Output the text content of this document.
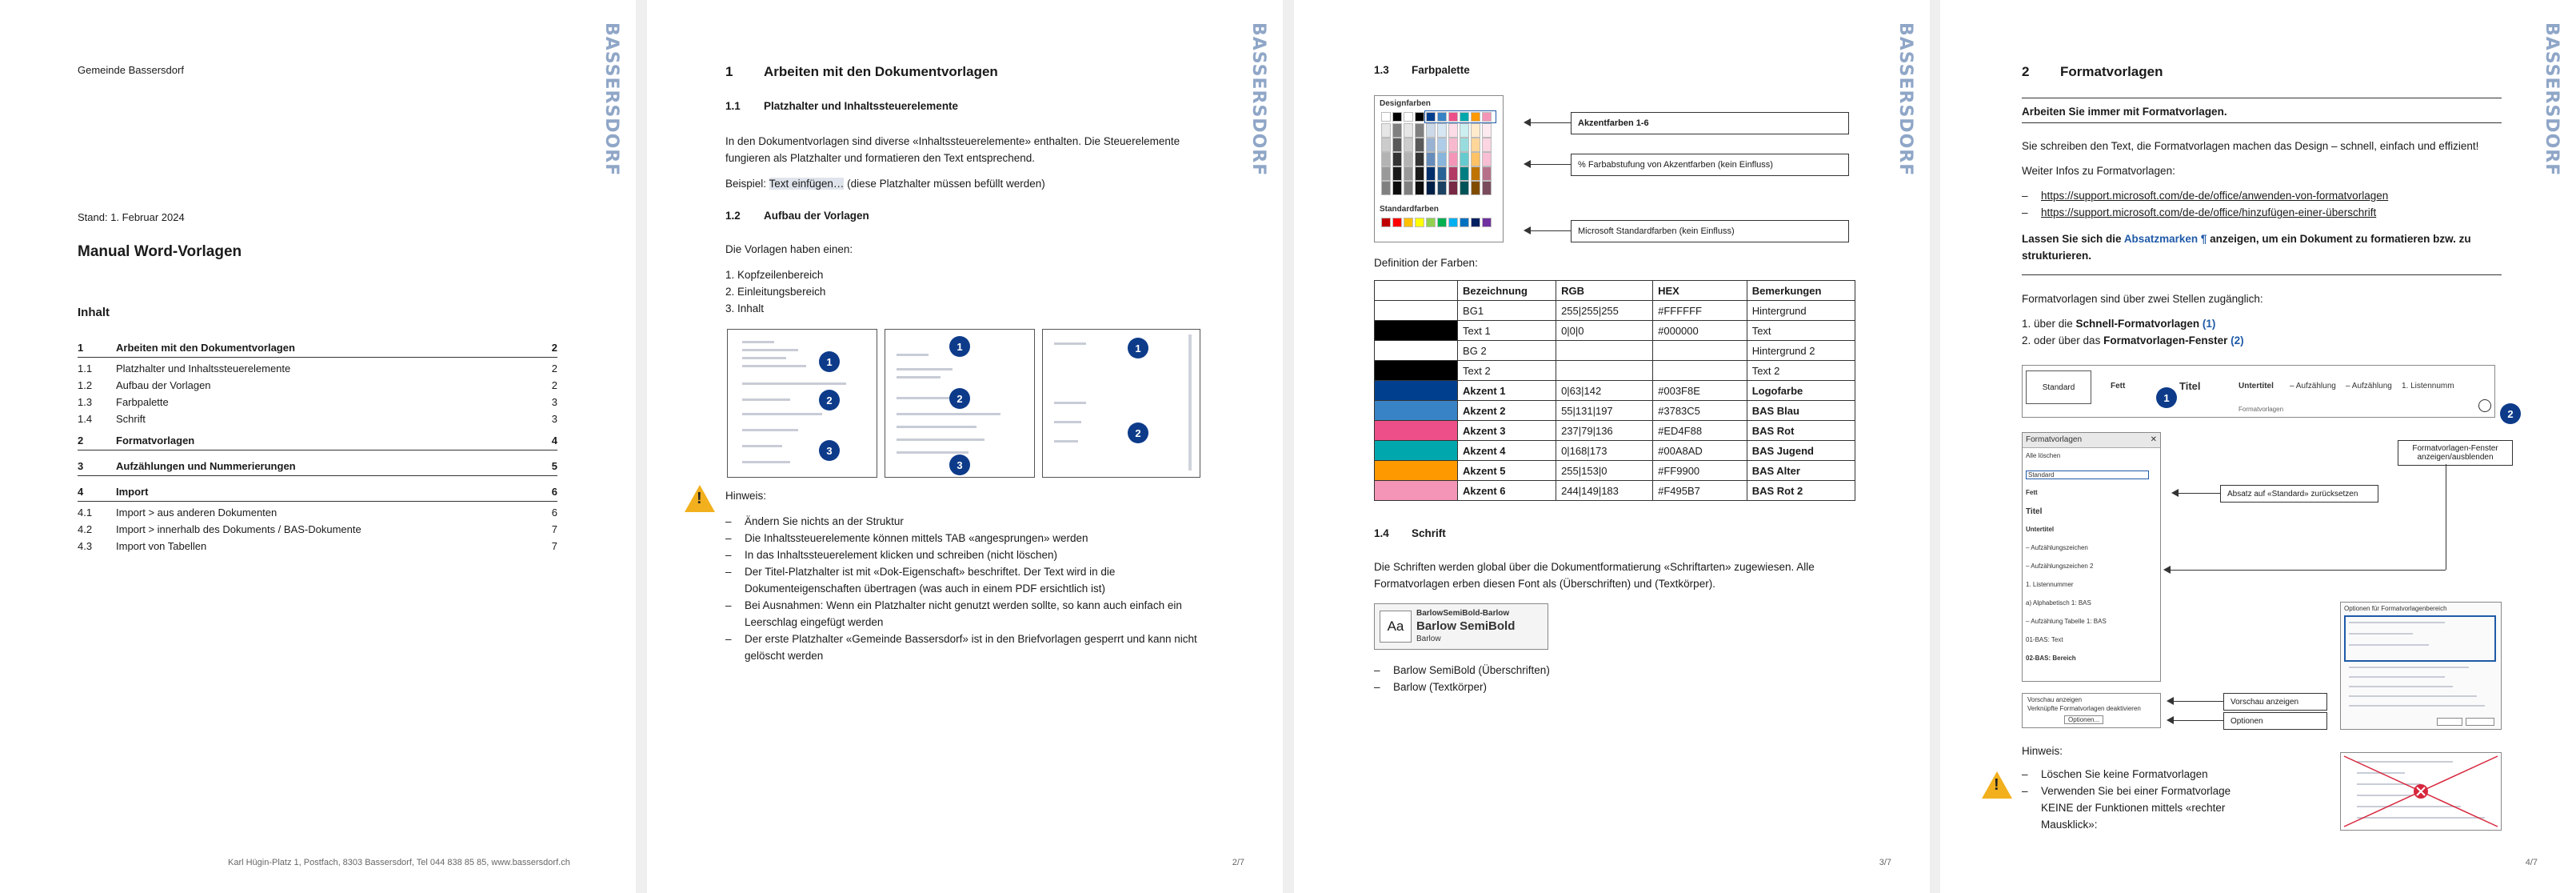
BASSERSDORF
Gemeinde Bassersdorf
Stand: 1. Februar 2024
Manual Word-Vorlagen
Inhalt
1	Arbeiten mit den Dokumentvorlagen	2
1.1 Platzhalter und Inhaltssteuerelemente	2
1.2 Aufbau der Vorlagen	2
1.3 Farbpalette	3
1.4 Schrift	3
2	Formatvorlagen	4
3	Aufzählungen und Nummerierungen	5
4	Import	6
4.1 Import > aus anderen Dokumenten	6
4.2 Import > innerhalb des Dokuments / BAS-Dokumente	7
4.3 Import von Tabellen	7
Karl Hügin-Platz 1, Postfach, 8303 Bassersdorf, Tel 044 838 85 85, www.bassersdorf.ch
BASSERSDORF
1 Arbeiten mit den Dokumentvorlagen
1.1 Platzhalter und Inhaltssteuerelemente
In den Dokumentvorlagen sind diverse «Inhaltssteuerelemente» enthalten. Die Steuerelemente fungieren als Platzhalter und formatieren den Text entsprechend.
Beispiel: Text einfügen… (diese Platzhalter müssen befüllt werden)
1.2 Aufbau der Vorlagen
Die Vorlagen haben einen:
1. Kopfzeilenbereich
2. Einleitungsbereich
3. Inhalt
1
2
3
1
2
3
1
2
! Hinweis:
– Ändern Sie nichts an der Struktur
– Die Inhaltssteuerelemente können mittels TAB «angesprungen» werden
– In das Inhaltssteuerelement klicken und schreiben (nicht löschen)
– Der Titel-Platzhalter ist mit «Dok-Eigenschaft» beschriftet. Der Text wird in die Dokumenteigenschaften übertragen (was auch in einem PDF ersichtlich ist)
– Bei Ausnahmen: Wenn ein Platzhalter nicht genutzt werden sollte, so kann auch einfach ein Leerschlag eingefügt werden
– Der erste Platzhalter «Gemeinde Bassersdorf» ist in den Briefvorlagen gesperrt und kann nicht gelöscht werden
2/7
BASSERSDORF
1.3 Farbpalette
Designfarben
Standardfarben
Akzentfarben 1-6
% Farbabstufung von Akzentfarben (kein Einfluss)
Microsoft Standardfarben (kein Einfluss)
Definition der Farben:
	Bezeichnung	RGB	HEX	Bemerkungen
	BG1	255|255|255	#FFFFFF	Hintergrund
	Text 1	0|0|0	#000000	Text
	BG 2			Hintergrund 2
	Text 2			Text 2
	Akzent 1	0|63|142	#003F8E	Logofarbe
	Akzent 2	55|131|197	#3783C5	BAS Blau
	Akzent 3	237|79|136	#ED4F88	BAS Rot
	Akzent 4	0|168|173	#00A8AD	BAS Jugend
	Akzent 5	255|153|0	#FF9900	BAS Alter
	Akzent 6	244|149|183	#F495B7	BAS Rot 2
1.4 Schrift
Die Schriften werden global über die Dokumentformatierung «Schriftarten» zugewiesen. Alle Formatvorlagen erben diesen Font als (Überschriften) und (Textkörper).
Aa
BarlowSemiBold-Barlow
Barlow SemiBold
Barlow
– Barlow SemiBold (Überschriften)
– Barlow (Textkörper)
3/7
BASSERSDORF
2 Formatvorlagen
Arbeiten Sie immer mit Formatvorlagen.
Sie schreiben den Text, die Formatvorlagen machen das Design – schnell, einfach und effizient!
Weiter Infos zu Formatvorlagen:
– https://support.microsoft.com/de-de/office/anwenden-von-formatvorlagen
– https://support.microsoft.com/de-de/office/hinzufügen-einer-überschrift
Lassen Sie sich die Absatzmarken ¶ anzeigen, um ein Dokument zu formatieren bzw. zu strukturieren.
Formatvorlagen sind über zwei Stellen zugänglich:
1. über die Schnell-Formatvorlagen (1)
2. oder über das Formatvorlagen-Fenster (2)
Standard	Fett	Titel	Untertitel – Aufzählung – Aufzählung 1. Listennumm
Formatvorlagen
1
2
Formatvorlagen	✕
Alle löschen
Standard
Fett
Titel
Untertitel
– Aufzählungszeichen
– Aufzählungszeichen 2
1. Listennummer
a) Alphabetisch 1: BAS
– Aufzählung Tabelle 1: BAS
01-BAS: Text
02-BAS: Bereich
Vorschau anzeigen
Verknüpfte Formatvorlagen deaktivieren
Optionen...
Optionen für Formatvorlagenbereich
Formatvorlagen-Fenster anzeigen/ausblenden
Absatz auf «Standard» zurücksetzen
Vorschau anzeigen
Optionen
Hinweis:
!
– Löschen Sie keine Formatvorlagen
– Verwenden Sie bei einer Formatvorlage KEINE der Funktionen mittels «rechter Mausklick»:
4/7
